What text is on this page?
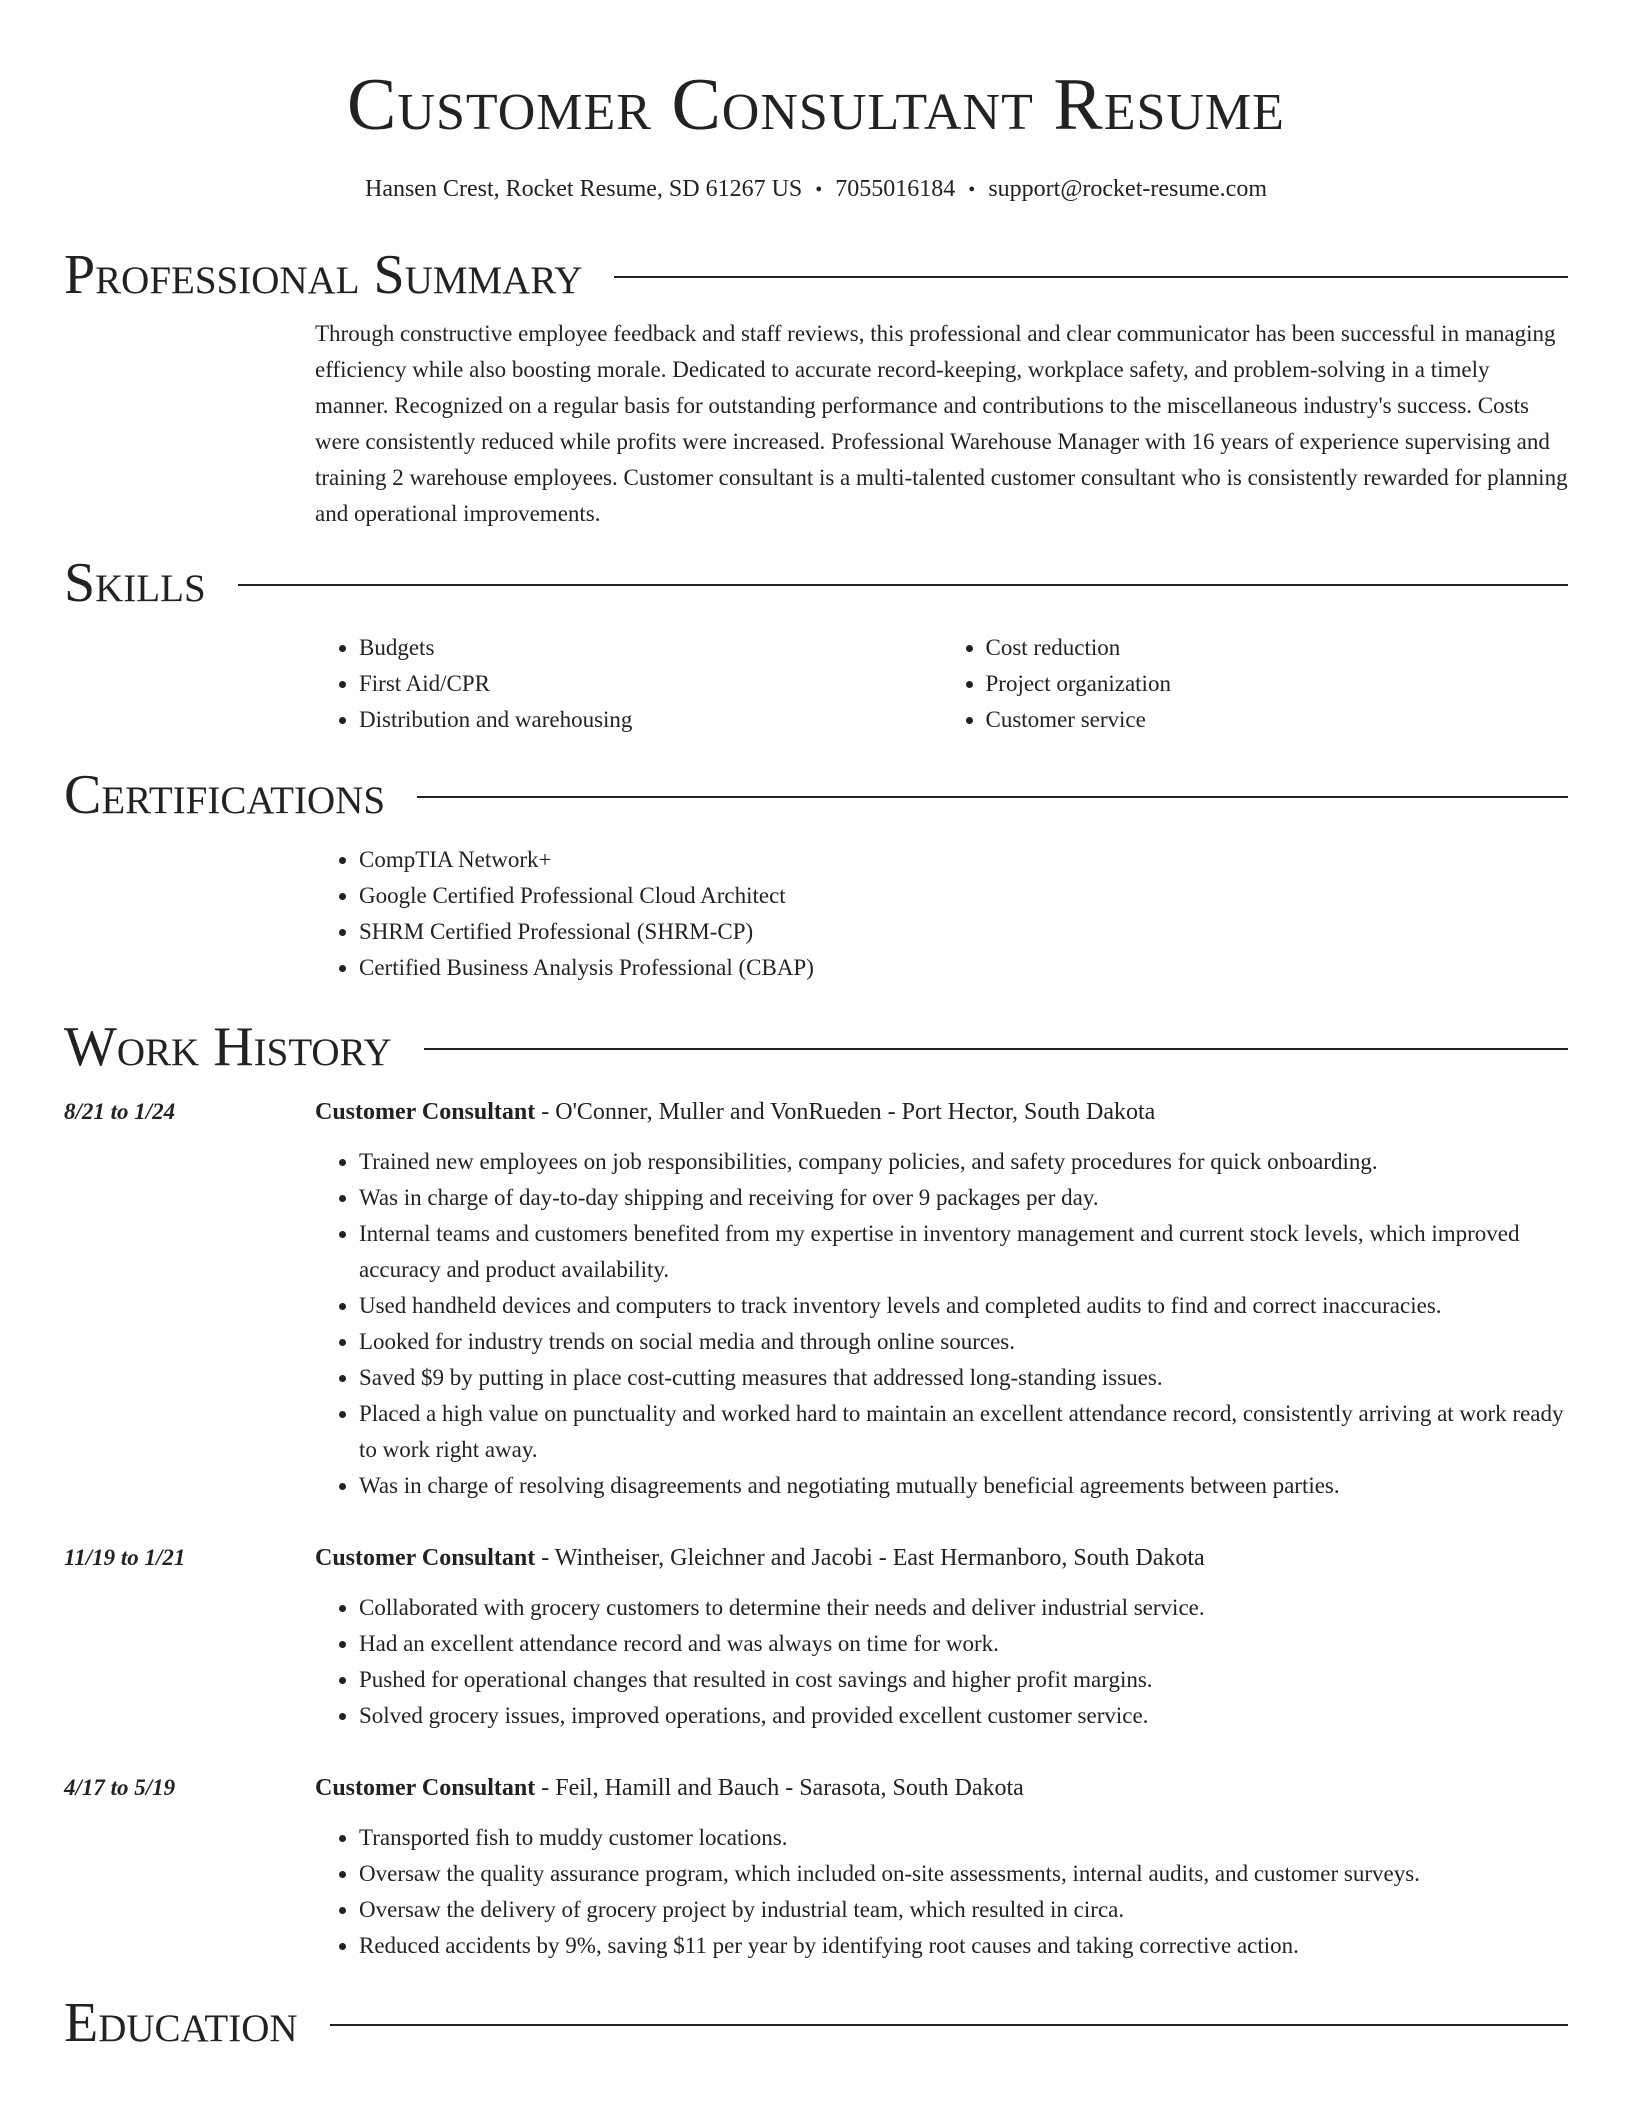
Customer Consultant Resume
Hansen Crest, Rocket Resume, SD 61267 US • 7055016184 • support@rocket-resume.com
Professional Summary

Through constructive employee feedback and staff reviews, this professional and clear communicator has been successful in managing efficiency while also boosting morale. Dedicated to accurate record-keeping, workplace safety, and problem-solving in a timely manner. Recognized on a regular basis for outstanding performance and contributions to the miscellaneous industry's success. Costs were consistently reduced while profits were increased. Professional Warehouse Manager with 16 years of experience supervising and training 2 warehouse employees. Customer consultant is a multi-talented customer consultant who is consistently rewarded for planning and operational improvements.

Skills
• Budgets
• First Aid/CPR
• Distribution and warehousing
• Cost reduction
• Project organization
• Customer service
Certifications
• CompTIA Network+
• Google Certified Professional Cloud Architect
• SHRM Certified Professional (SHRM-CP)
• Certified Business Analysis Professional (CBAP)
Work History
8/21 to 1/24	Customer Consultant - O'Conner, Muller and VonRueden - Port Hector, South Dakota
• Trained new employees on job responsibilities, company policies, and safety procedures for quick onboarding.
• Was in charge of day-to-day shipping and receiving for over 9 packages per day.
• Internal teams and customers benefited from my expertise in inventory management and current stock levels, which improved accuracy and product availability.
• Used handheld devices and computers to track inventory levels and completed audits to find and correct inaccuracies.
• Looked for industry trends on social media and through online sources.
• Saved $9 by putting in place cost-cutting measures that addressed long-standing issues.
• Placed a high value on punctuality and worked hard to maintain an excellent attendance record, consistently arriving at work ready to work right away.
• Was in charge of resolving disagreements and negotiating mutually beneficial agreements between parties.
11/19 to 1/21	Customer Consultant - Wintheiser, Gleichner and Jacobi - East Hermanboro, South Dakota
• Collaborated with grocery customers to determine their needs and deliver industrial service.
• Had an excellent attendance record and was always on time for work.
• Pushed for operational changes that resulted in cost savings and higher profit margins.
• Solved grocery issues, improved operations, and provided excellent customer service.
4/17 to 5/19	Customer Consultant - Feil, Hamill and Bauch - Sarasota, South Dakota
• Transported fish to muddy customer locations.
• Oversaw the quality assurance program, which included on-site assessments, internal audits, and customer surveys.
• Oversaw the delivery of grocery project by industrial team, which resulted in circa.
• Reduced accidents by 9%, saving $11 per year by identifying root causes and taking corrective action.
Education
